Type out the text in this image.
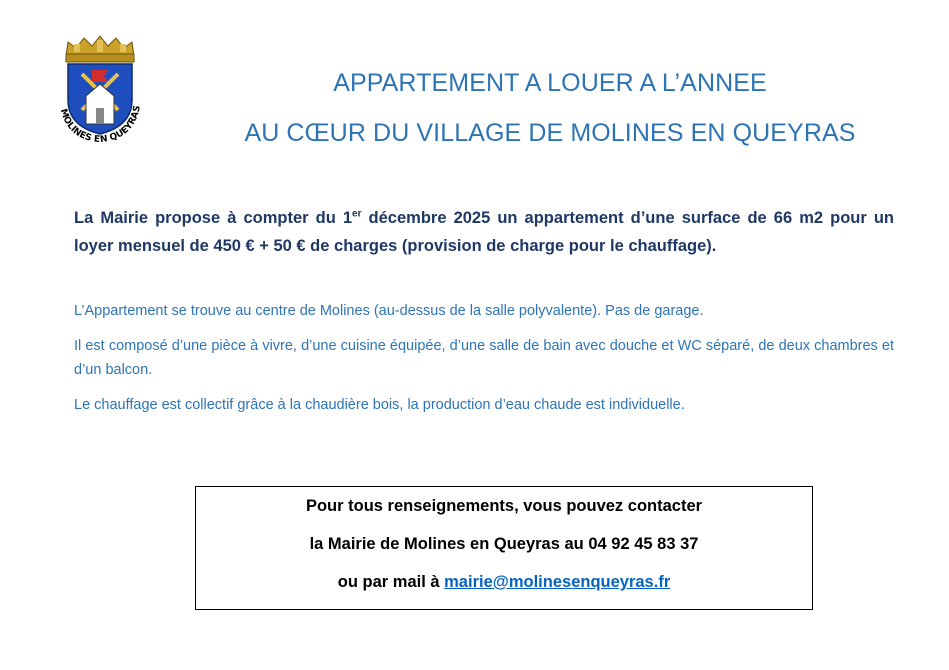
MOLINES EN QUEYRAS
APPARTEMENT A LOUER A L’ANNEE
AU CŒUR DU VILLAGE DE MOLINES EN QUEYRAS
La Mairie propose à compter du 1er décembre 2025 un appartement d’une surface de 66 m2 pour un loyer mensuel de 450 € + 50 € de charges (provision de charge pour le chauffage).

L’Appartement se trouve au centre de Molines (au-dessus de la salle polyvalente). Pas de garage.

Il est composé d’une pièce à vivre, d’une cuisine équipée, d’une salle de bain avec douche et WC séparé, de deux chambres et d’un balcon.

Le chauffage est collectif grâce à la chaudière bois, la production d’eau chaude est individuelle.

Pour tous renseignements, vous pouvez contacter
la Mairie de Molines en Queyras au 04 92 45 83 37
ou par mail à mairie@molinesenqueyras.fr
